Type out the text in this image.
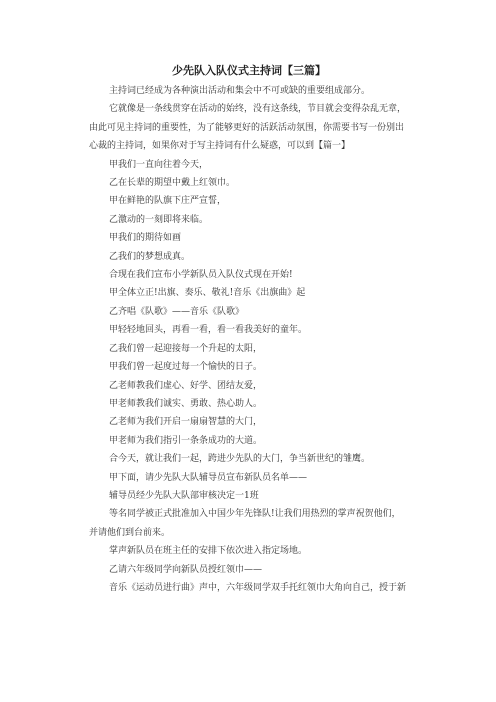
少先队入队仪式主持词【三篇】

主持词已经成为各种演出活动和集会中不可或缺的重要组成部分。

它就像是一条线贯穿在活动的始终，没有这条线，节目就会变得杂乱无章，由此可见主持词的重要性，为了能够更好的活跃活动氛围，你需要书写一份别出心裁的主持词，如果你对于写主持词有什么疑惑，可以到【篇一】

甲我们一直向往着今天，

乙在长辈的期望中戴上红领巾。

甲在鲜艳的队旗下庄严宣誓，

乙激动的一刻即将来临。

甲我们的期待如画

乙我们的梦想成真。

合现在我们宣布小学新队员入队仪式现在开始!

甲全体立正!出旗、奏乐、敬礼!音乐《出旗曲》起

乙齐唱《队歌》——音乐《队歌》

甲轻轻地回头，再看一看，看一看我美好的童年。

乙我们曾一起迎接每一个升起的太阳，

甲我们曾一起度过每一个愉快的日子。

乙老师教我们虚心、好学、团结友爱，

甲老师教我们诚实、勇敢、热心助人。

乙老师为我们开启一扇扇智慧的大门，

甲老师为我们指引一条条成功的大道。

合今天，就让我们一起，跨进少先队的大门，争当新世纪的雏鹰。

甲下面，请少先队大队辅导员宣布新队员名单——

辅导员经少先队大队部审核决定一1班

等名同学被正式批准加入中国少年先锋队!让我们用热烈的掌声祝贺他们，并请他们到台前来。

掌声新队员在班主任的安排下依次进入指定场地。

乙请六年级同学向新队员授红领巾——

音乐《运动员进行曲》声中，六年级同学双手托红领巾大角向自己，授于新
